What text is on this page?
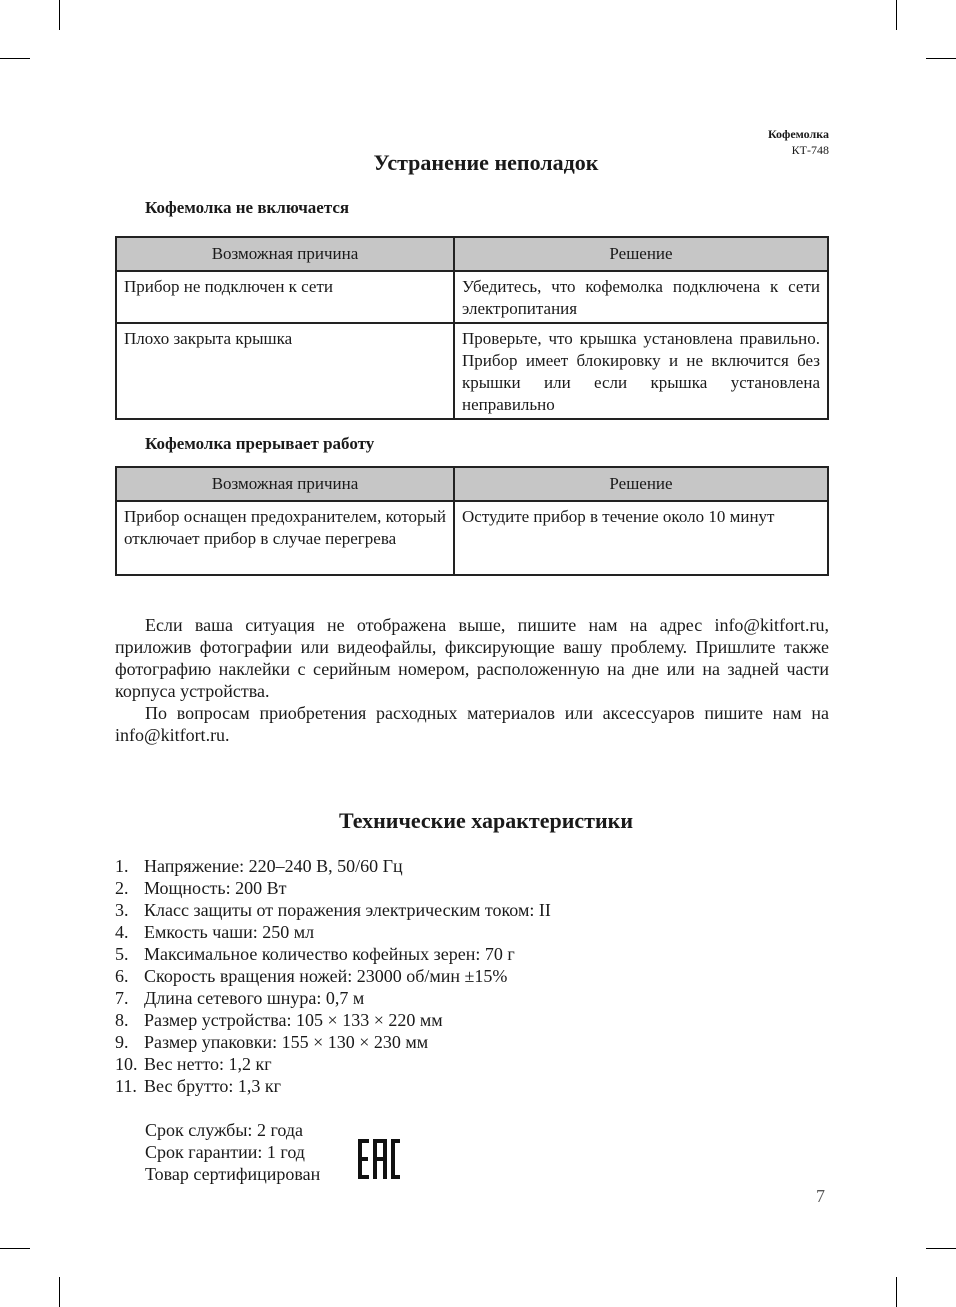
Кофемолка
КТ-748
Устранение неполадок
Кофемолка не включается
Возможная причина	Решение
Прибор не подключен к сети	Убедитесь, что кофемолка подключена к сети электропитания
Плохо закрыта крышка	Проверьте, что крышка установлена правильно. Прибор имеет блокировку и не включится без крышки или если крышка установлена неправильно
Кофемолка прерывает работу
Возможная причина	Решение
Прибор оснащен предохранителем, который отключает прибор в случае перегрева	Остудите прибор в течение около 10 минут

Если ваша ситуация не отображена выше, пишите нам на адрес info@kitfort.ru, приложив фотографии или видеофайлы, фиксирующие вашу проблему. Пришлите также фотографию наклейки с серийным номером, расположенную на дне или на задней части корпуса устройства.

По вопросам приобретения расходных материалов или аксессуаров пишите нам на info@kitfort.ru.

Технические характеристики
1. Напряжение: 220–240 В, 50/60 Гц
2. Мощность: 200 Вт
3. Класс защиты от поражения электрическим током: II
4. Емкость чаши: 250 мл
5. Максимальное количество кофейных зерен: 70 г
6. Скорость вращения ножей: 23000 об/мин ±15%
7. Длина сетевого шнура: 0,7 м
8. Размер устройства: 105 × 133 × 220 мм
9. Размер упаковки: 155 × 130 × 230 мм
10. Вес нетто: 1,2 кг
11. Вес брутто: 1,3 кг
Срок службы: 2 года
Срок гарантии: 1 год
Товар сертифицирован
7
